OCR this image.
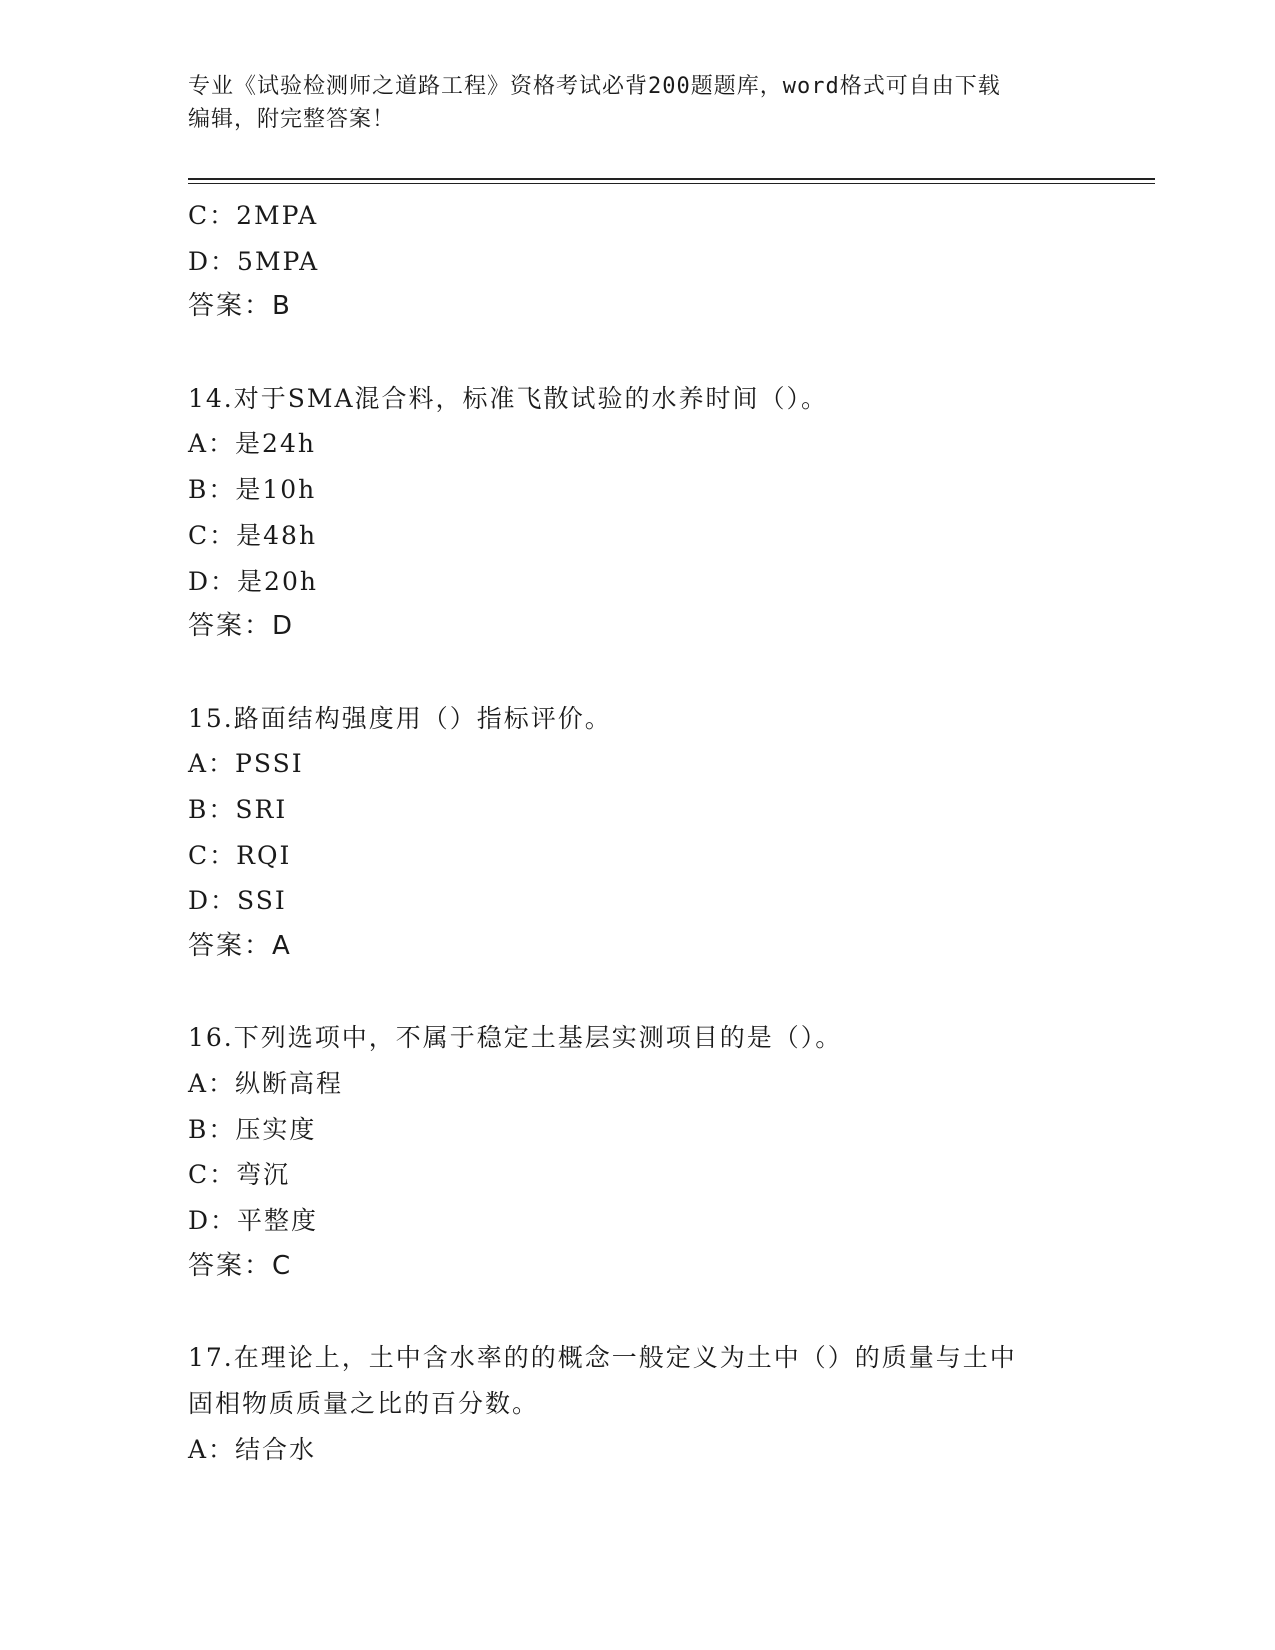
专业《试验检测师之道路工程》资格考试必背200题题库，word格式可自由下载
编辑，附完整答案！
C：2MPA
D：5MPA
答案：B
14.对于SMA混合料，标准飞散试验的水养时间（）。
A：是24h
B：是10h
C：是48h
D：是20h
答案：D
15.路面结构强度用（）指标评价。
A：PSSI
B：SRI
C：RQI
D：SSI
答案：A
16.下列选项中，不属于稳定土基层实测项目的是（）。
A：纵断高程
B：压实度
C：弯沉
D：平整度
答案：C
17.在理论上，土中含水率的的概念一般定义为土中（）的质量与土中
固相物质质量之比的百分数。
A：结合水
